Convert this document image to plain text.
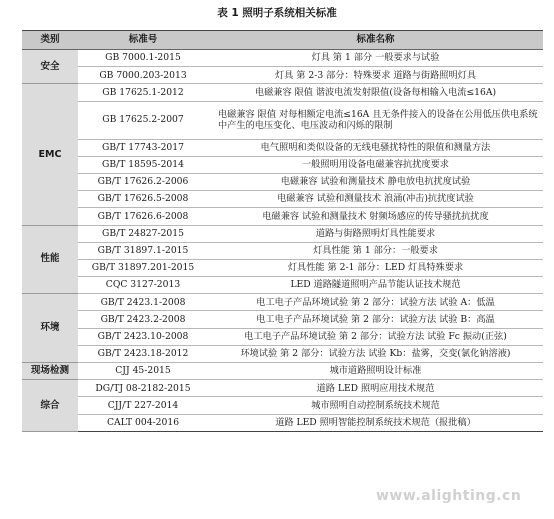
表 1 照明子系统相关标准
类别	标准号	标准名称
安全	GB 7000.1-2015	灯具 第 1 部分 一般要求与试验
	GB 7000.203-2013	灯具 第 2-3 部分：特殊要求 道路与街路照明灯具
EMC	GB 17625.1-2012	电磁兼容 限值 谐波电流发射限值(设备每相输入电流≤16A)
	GB 17625.2-2007	电磁兼容 限值 对每相额定电流≤16A 且无条件接入的设备在公用低压供电系统中产生的电压变化、电压波动和闪烁的限制
	GB/T 17743-2017	电气照明和类似设备的无线电骚扰特性的限值和测量方法
	GB/T 18595-2014	一般照明用设备电磁兼容抗扰度要求
	GB/T 17626.2-2006	电磁兼容 试验和测量技术 静电放电抗扰度试验
	GB/T 17626.5-2008	电磁兼容 试验和测量技术 浪涌(冲击)抗扰度试验
	GB/T 17626.6-2008	电磁兼容 试验和测量技术 射频场感应的传导骚扰抗扰度
性能	GB/T 24827-2015	道路与街路照明灯具性能要求
	GB/T 31897.1-2015	灯具性能 第 1 部分：一般要求
	GB/T 31897.201-2015	灯具性能 第 2-1 部分：LED 灯具特殊要求
	CQC 3127-2013	LED 道路隧道照明产品节能认证技术规范
环境	GB/T 2423.1-2008	电工电子产品环境试验 第 2 部分：试验方法 试验 A：低温
	GB/T 2423.2-2008	电工电子产品环境试验 第 2 部分：试验方法 试验 B：高温
	GB/T 2423.10-2008	电工电子产品环境试验 第 2 部分：试验方法 试验 Fc 振动(正弦)
	GB/T 2423.18-2012	环境试验 第 2 部分：试验方法 试验 Kb：盐雾，交变(氯化钠溶液)
现场检测	CJJ 45-2015	城市道路照明设计标准
综合	DG/TJ 08-2182-2015	道路 LED 照明应用技术规范
	CJJ/T 227-2014	城市照明自动控制系统技术规范
	CALT 004-2016	道路 LED 照明智能控制系统技术规范（报批稿）
www.alighting.cn
